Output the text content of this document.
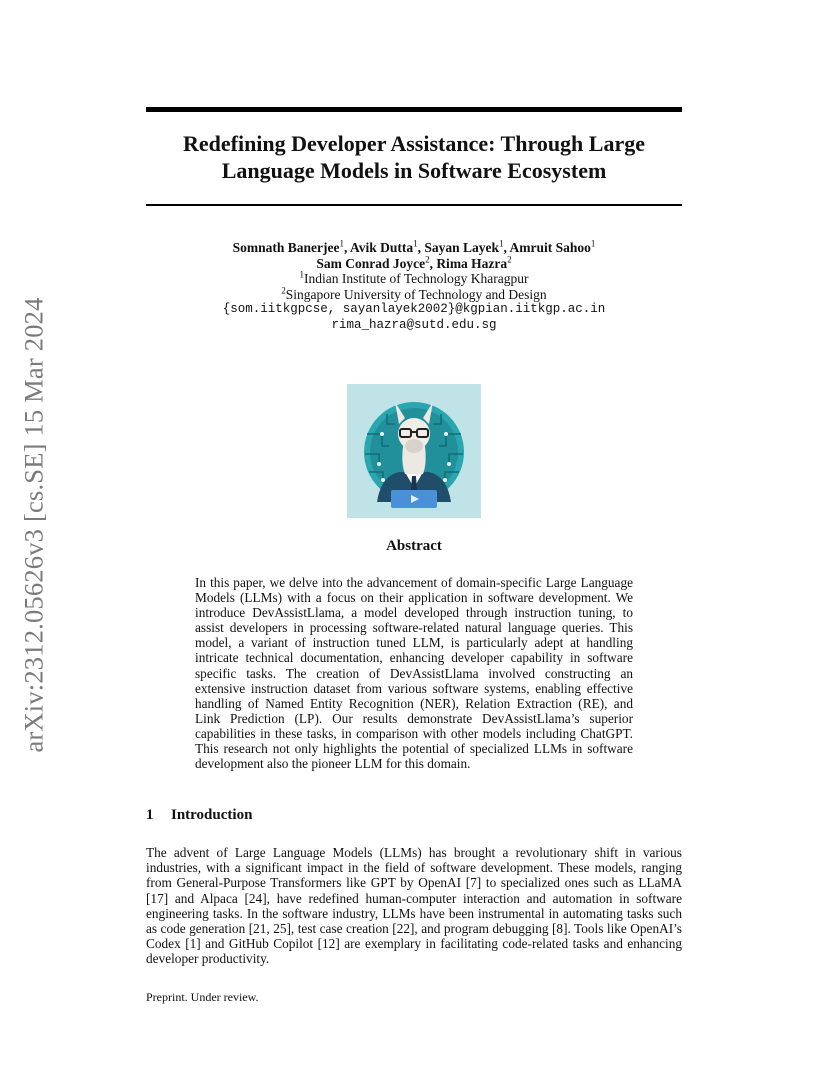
arXiv:2312.05626v3 [cs.SE] 15 Mar 2024
Redefining Developer Assistance: Through Large
Language Models in Software Ecosystem
Somnath Banerjee$^1$, Avik Dutta$^1$, Sayan Layek$^1$, Amruit Sahoo$^1$
Sam Conrad Joyce$^2$, Rima Hazra$^2$
$^1$Indian Institute of Technology Kharagpur
$^2$Singapore University of Technology and Design
{som.iitkgpcse, sayanlayek2002}@kgpian.iitkgp.ac.in
rima_hazra@sutd.edu.sg
Abstract
In this paper, we delve into the advancement of domain-specific Large Language Models (LLMs) with a focus on their application in software development. We introduce DevAssistLlama, a model developed through instruction tuning, to assist developers in processing software-related natural language queries. This model, a variant of instruction tuned LLM, is particularly adept at handling intricate technical documentation, enhancing developer capability in software specific tasks. The creation of DevAssistLlama involved constructing an extensive instruction dataset from various software systems, enabling effective handling of Named Entity Recognition (NER), Relation Extraction (RE), and Link Prediction (LP). Our results demonstrate DevAssistLlama’s superior capabilities in these tasks, in comparison with other models including ChatGPT. This research not only highlights the potential of specialized LLMs in software development also the pioneer LLM for this domain.
1 Introduction
The advent of Large Language Models (LLMs) has brought a revolutionary shift in various industries, with a significant impact in the field of software development. These models, ranging from General-Purpose Transformers like GPT by OpenAI [7] to specialized ones such as LLaMA [17] and Alpaca [24], have redefined human-computer interaction and automation in software engineering tasks. In the software industry, LLMs have been instrumental in automating tasks such as code generation [21, 25], test case creation [22], and program debugging [8]. Tools like OpenAI’s Codex [1] and GitHub Copilot [12] are exemplary in facilitating code-related tasks and enhancing developer productivity.
Preprint. Under review.
